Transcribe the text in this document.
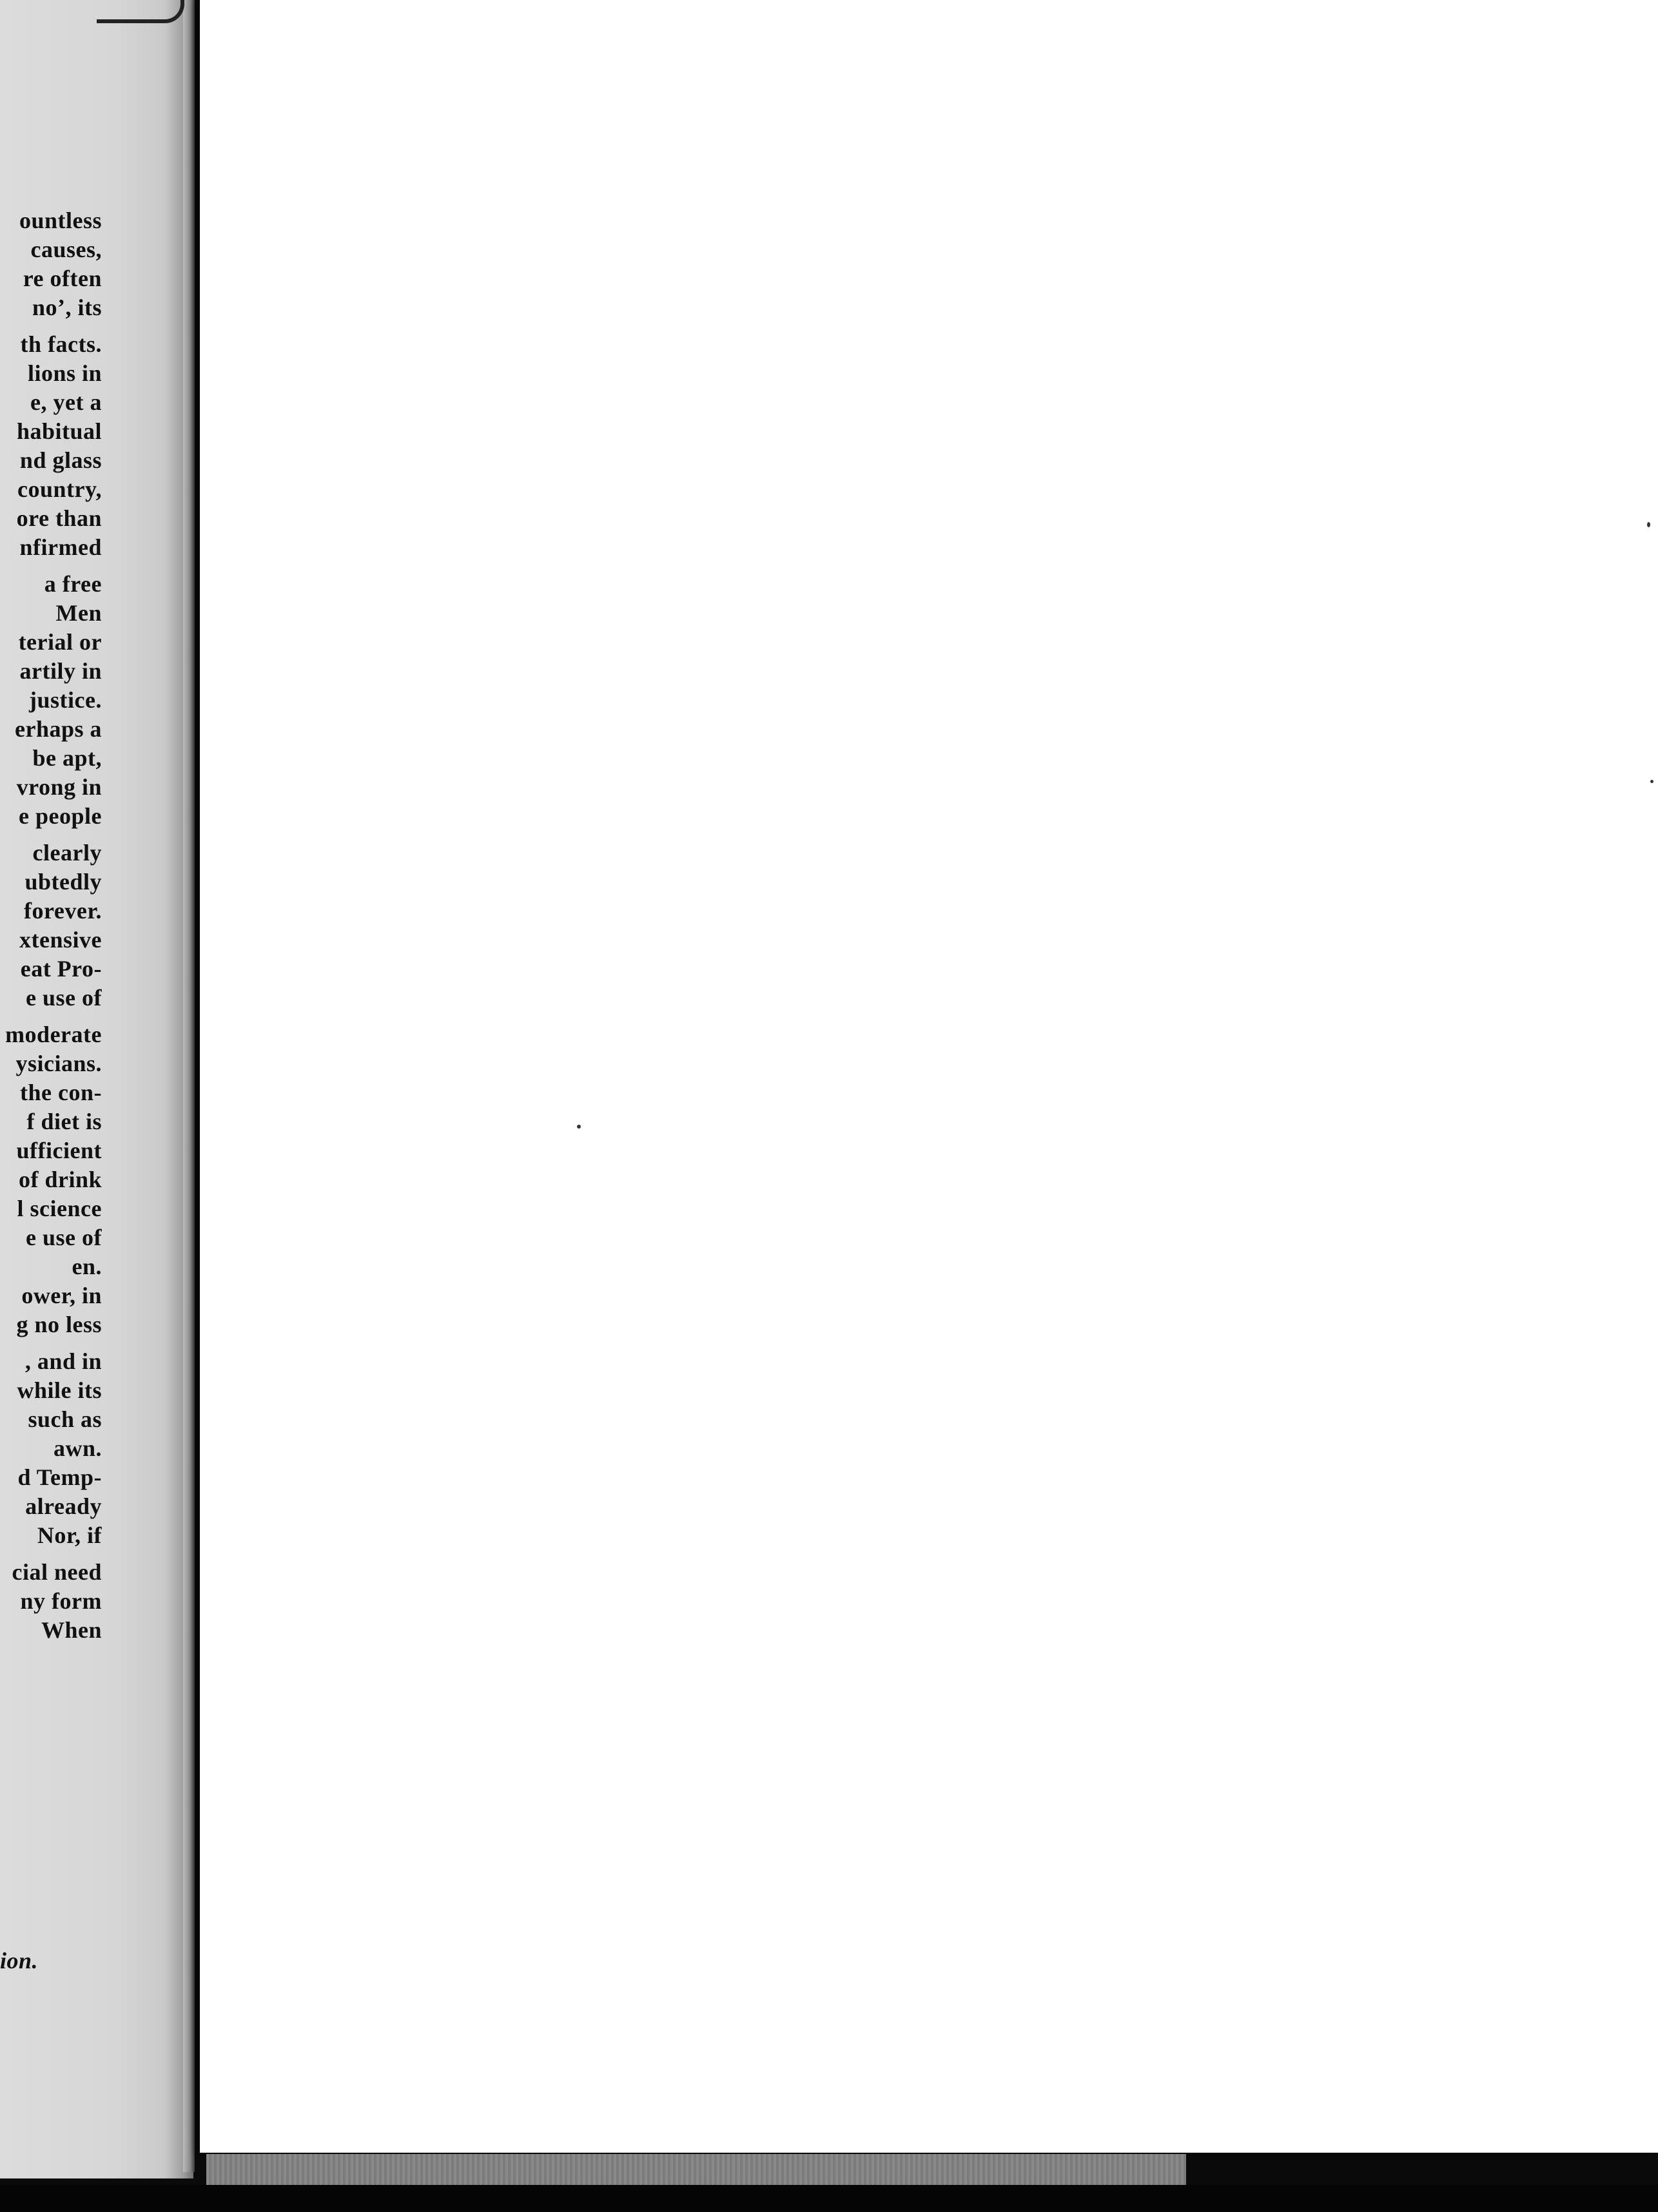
ountless
causes,
re often
noʼ, its
th facts.
lions in
e, yet a
habitual
nd glass
country,
ore than
nfirmed
a free
Men
terial or
artily in
justice.
erhaps a
be apt,
vrong in
e people
clearly
ubtedly
forever.
xtensive
eat Pro-
e use of
moderate
ysicians.
the con-
f diet is
ufficient
of drink
l science
e use of
en.
ower, in
g no less
, and in
while its
such as
awn.
d Temp-
already
Nor, if
cial need
ny form
When
ion.
